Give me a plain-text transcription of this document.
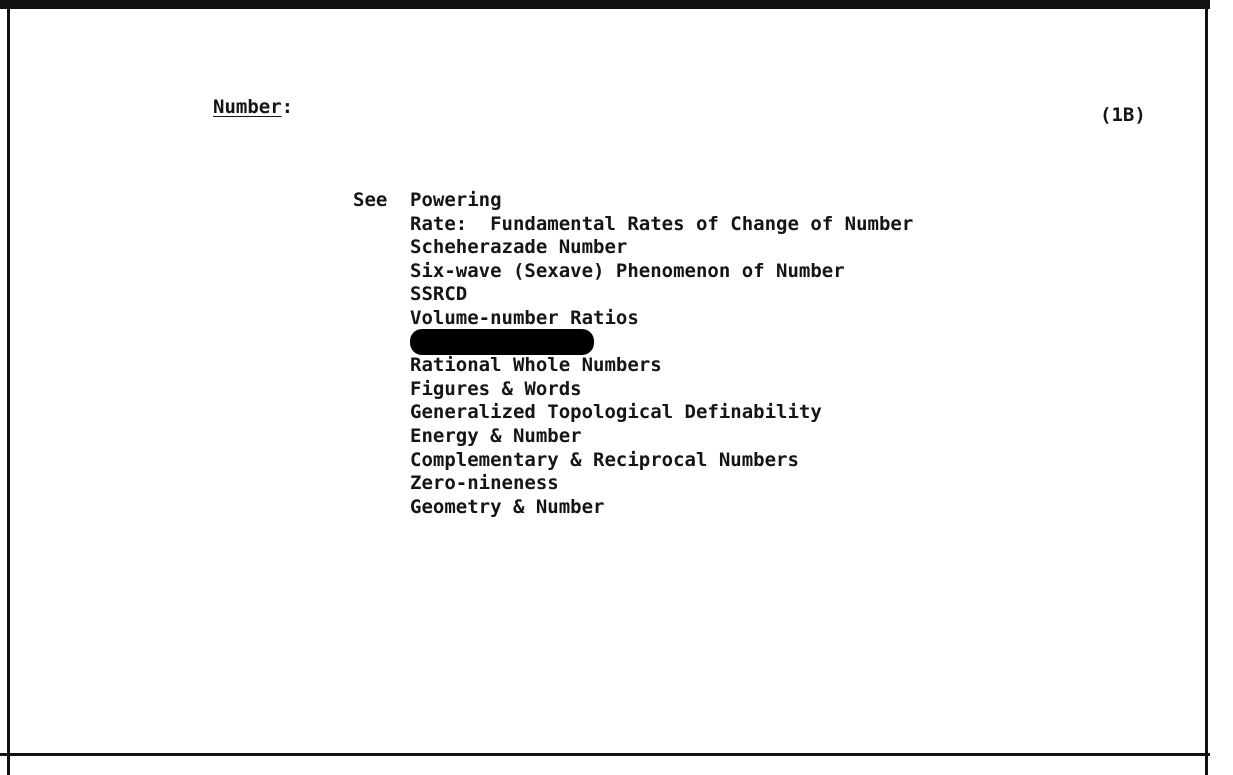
Number:	(1B)
See Powering
Rate:  Fundamental Rates of Change of Number
Scheherazade Number
Six-wave (Sexave) Phenomenon of Number
SSRCD
Volume-number Ratios
Rational Whole Numbers
Figures & Words
Generalized Topological Definability
Energy & Number
Complementary & Reciprocal Numbers
Zero-nineness
Geometry & Number
